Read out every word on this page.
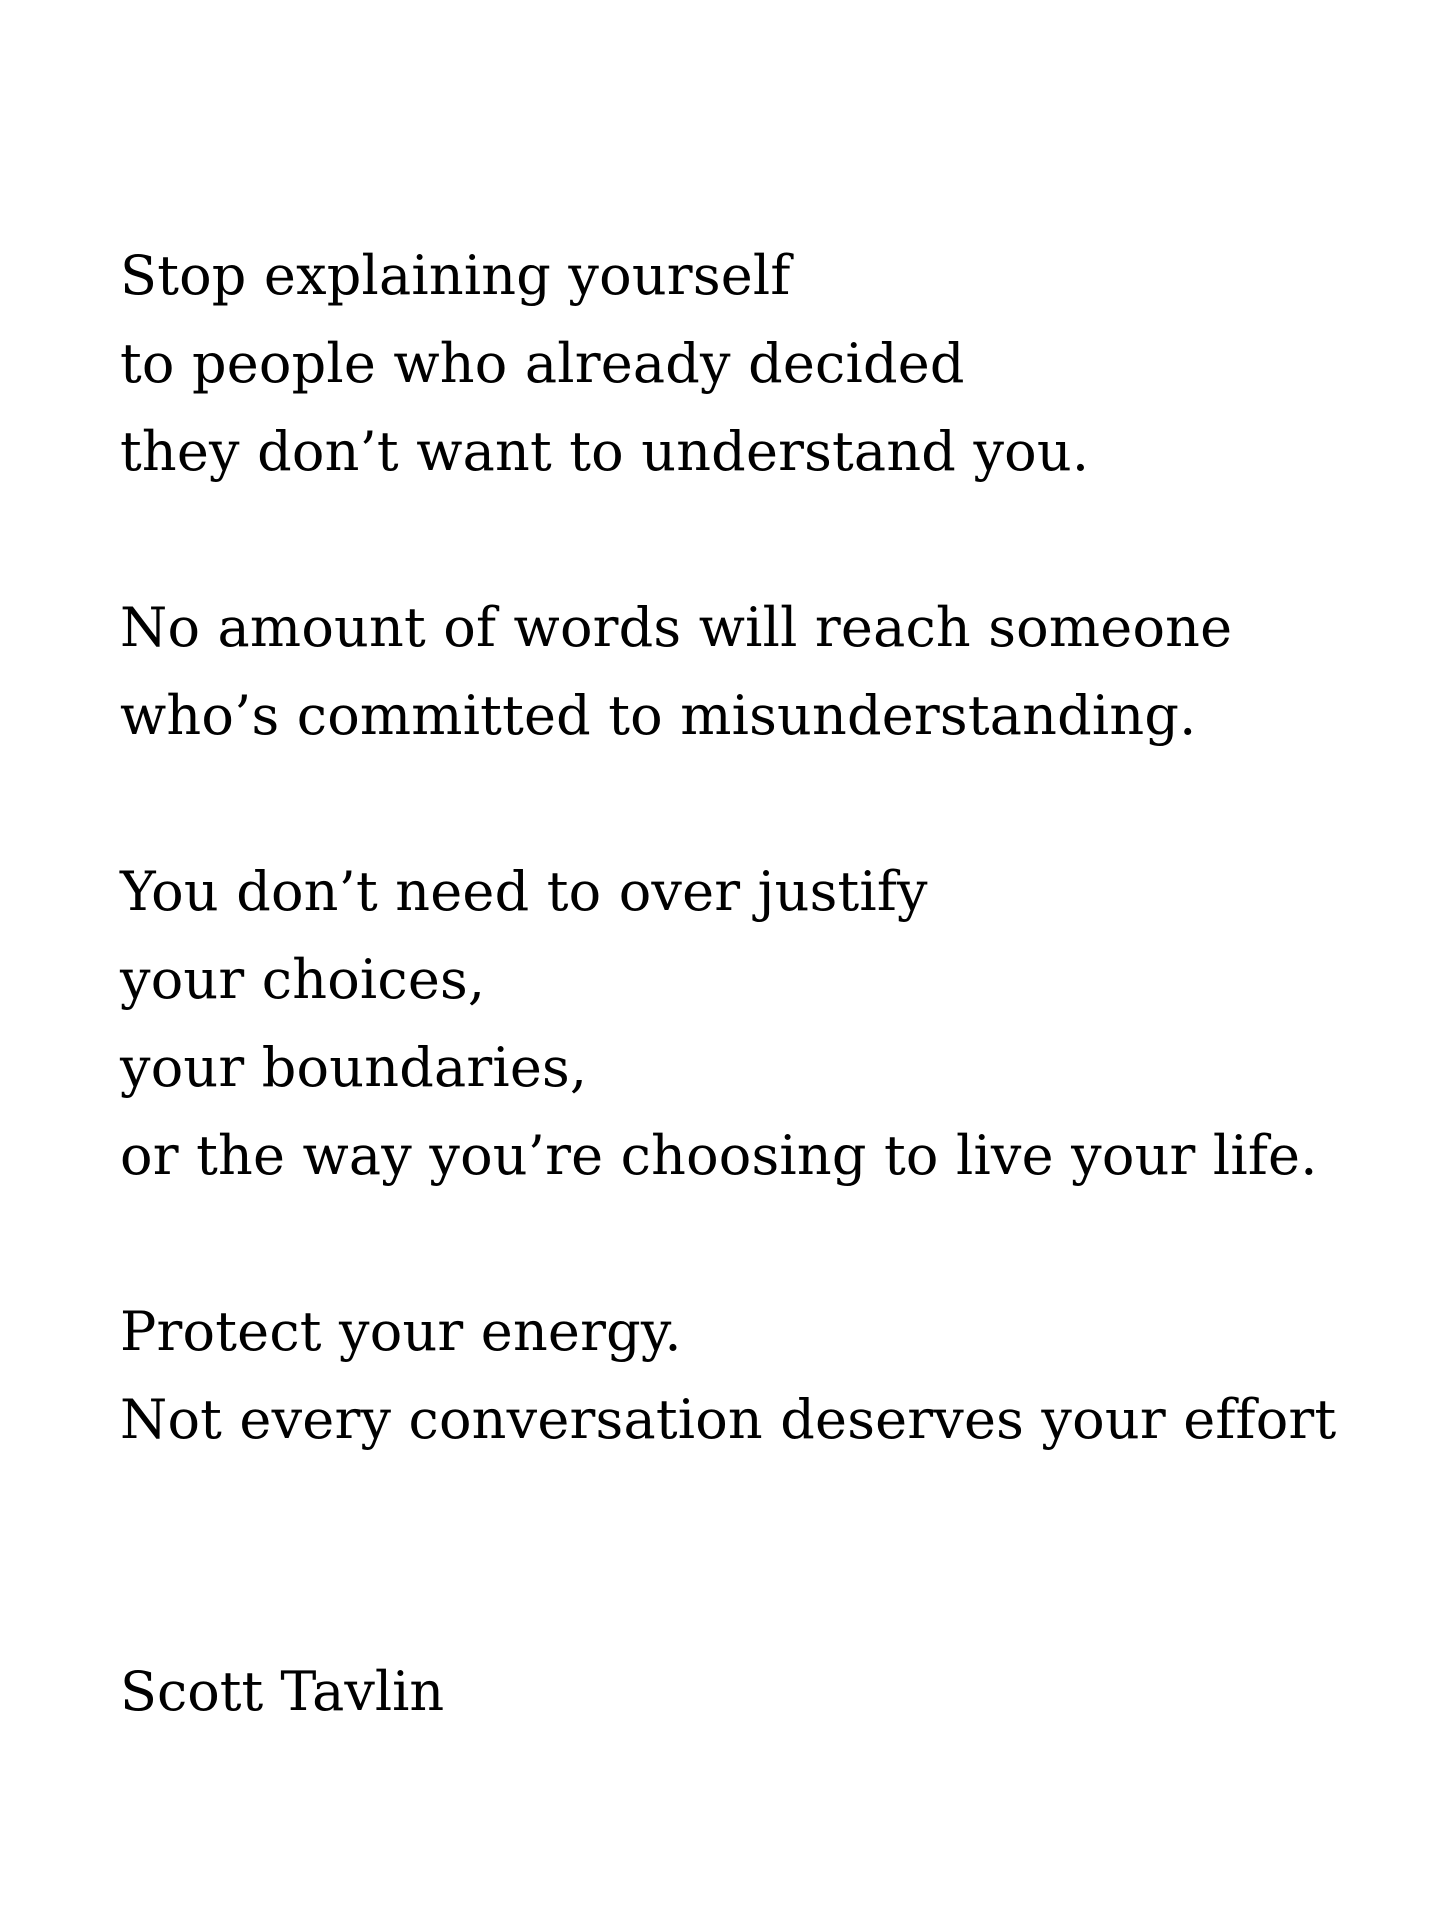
Stop explaining yourself
to people who already decided
they don’t want to understand you.
No amount of words will reach someone
who’s committed to misunderstanding.
You don’t need to over justify
your choices,
your boundaries,
or the way you’re choosing to live your life.
Protect your energy.
Not every conversation deserves your effort
Scott Tavlin
